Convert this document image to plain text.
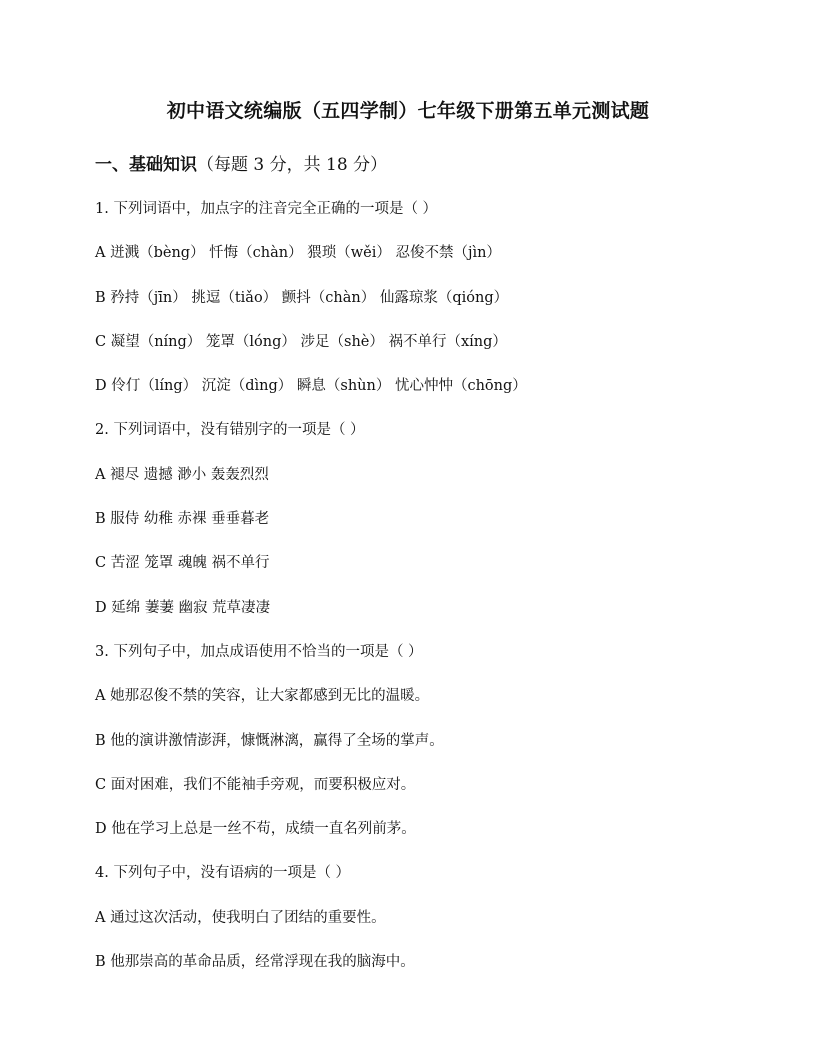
初中语文统编版（五四学制）七年级下册第五单元测试题
一、基础知识（每题 3 分，共 18 分）
1. 下列词语中，加点字的注音完全正确的一项是（ ）
A 迸溅（bèng） 忏悔（chàn） 猥琐（wěi） 忍俊不禁（jìn）
B 矜持（jīn） 挑逗（tiǎo） 颤抖（chàn） 仙露琼浆（qióng）
C 凝望（níng） 笼罩（lóng） 涉足（shè） 祸不单行（xíng）
D 伶仃（líng） 沉淀（dìng） 瞬息（shùn） 忧心忡忡（chōng）
2. 下列词语中，没有错别字的一项是（ ）
A 褪尽 遗撼 渺小 轰轰烈烈
B 服侍 幼稚 赤裸 垂垂暮老
C 苦涩 笼罩 魂魄 祸不单行
D 延绵 萋萋 幽寂 荒草凄凄
3. 下列句子中，加点成语使用不恰当的一项是（ ）
A 她那忍俊不禁的笑容，让大家都感到无比的温暖。
B 他的演讲激情澎湃，慷慨淋漓，赢得了全场的掌声。
C 面对困难，我们不能袖手旁观，而要积极应对。
D 他在学习上总是一丝不苟，成绩一直名列前茅。
4. 下列句子中，没有语病的一项是（ ）
A 通过这次活动，使我明白了团结的重要性。
B 他那崇高的革命品质，经常浮现在我的脑海中。
